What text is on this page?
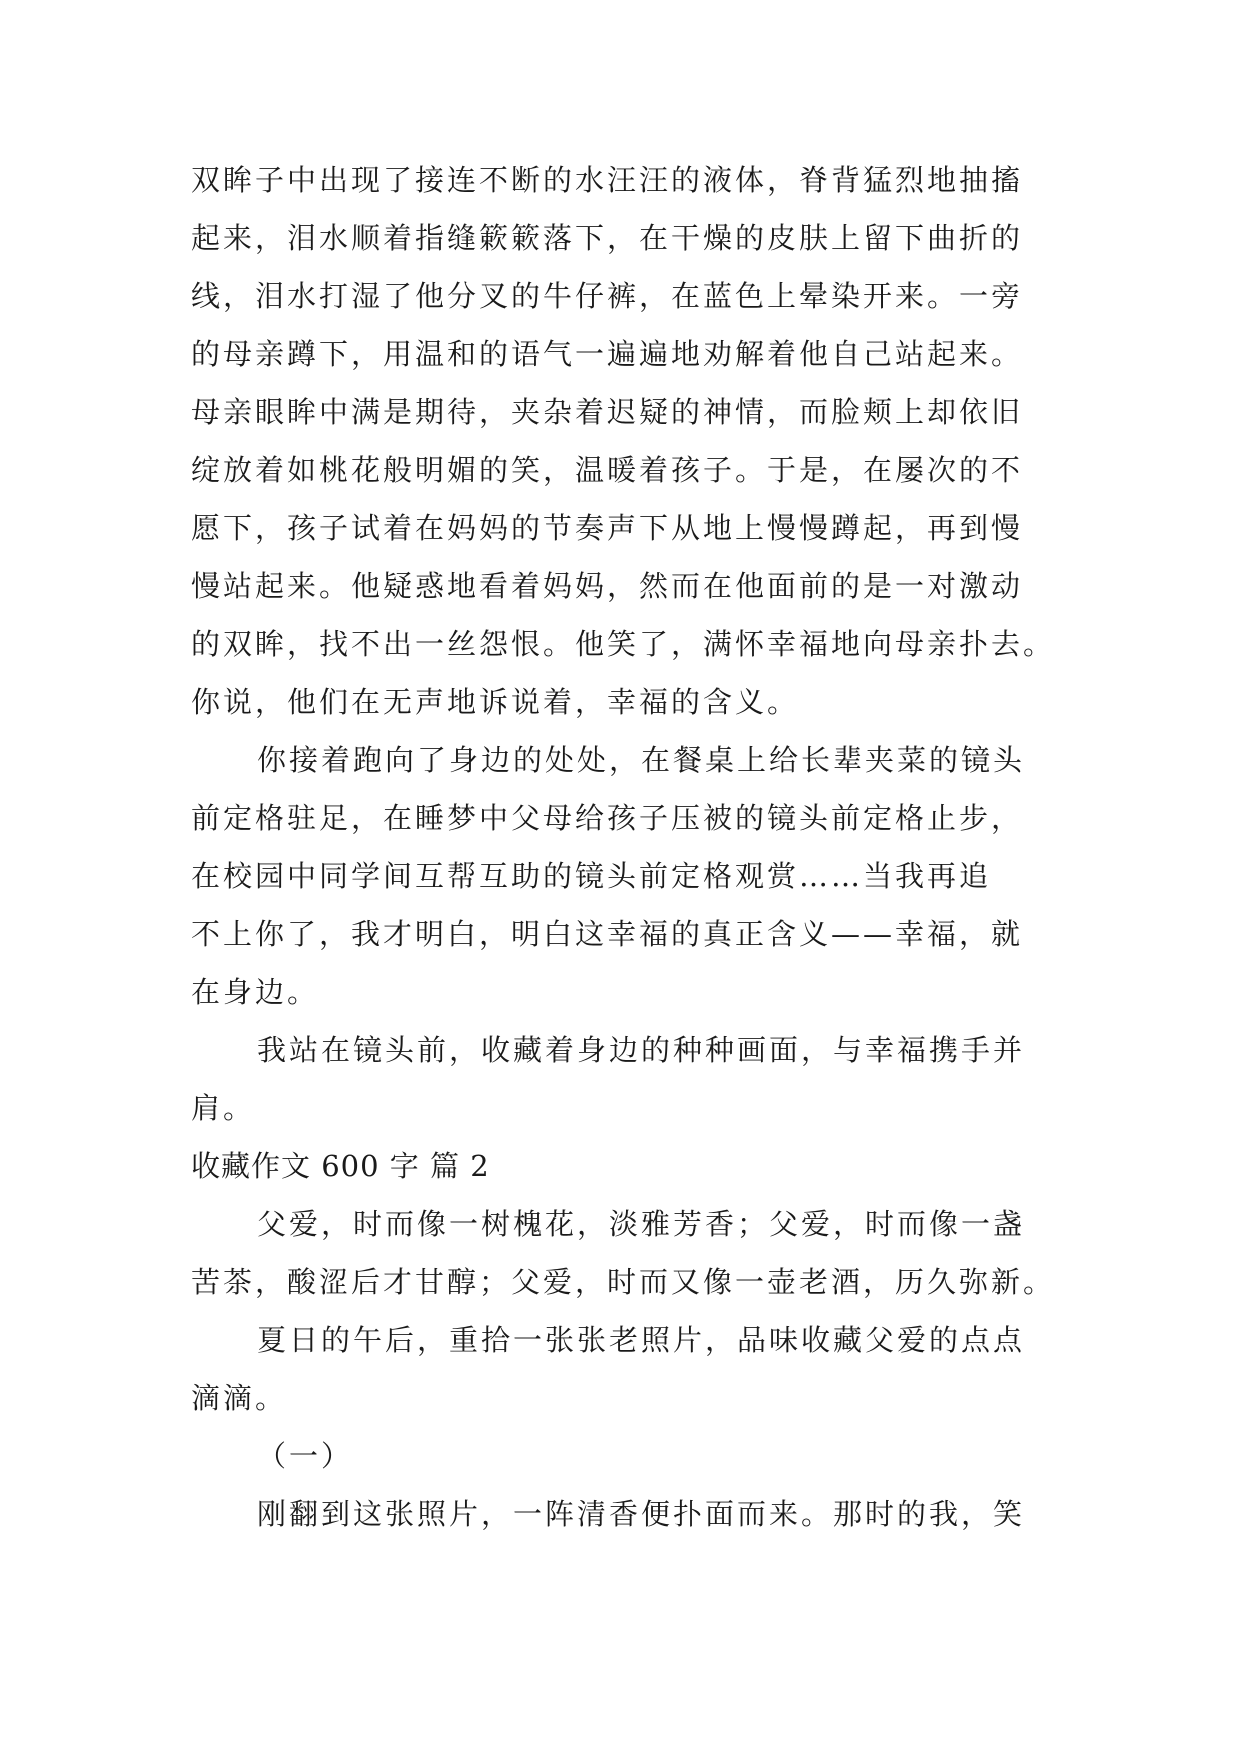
双眸子中出现了接连不断的水汪汪的液体，脊背猛烈地抽搐
起来，泪水顺着指缝簌簌落下，在干燥的皮肤上留下曲折的
线，泪水打湿了他分叉的牛仔裤，在蓝色上晕染开来。一旁
的母亲蹲下，用温和的语气一遍遍地劝解着他自己站起来。
母亲眼眸中满是期待，夹杂着迟疑的神情，而脸颊上却依旧
绽放着如桃花般明媚的笑，温暖着孩子。于是，在屡次的不
愿下，孩子试着在妈妈的节奏声下从地上慢慢蹲起，再到慢
慢站起来。他疑惑地看着妈妈，然而在他面前的是一对激动
的双眸，找不出一丝怨恨。他笑了，满怀幸福地向母亲扑去。
你说，他们在无声地诉说着，幸福的含义。
你接着跑向了身边的处处，在餐桌上给长辈夹菜的镜头
前定格驻足，在睡梦中父母给孩子压被的镜头前定格止步，
在校园中同学间互帮互助的镜头前定格观赏……当我再追
不上你了，我才明白，明白这幸福的真正含义——幸福，就
在身边。
我站在镜头前，收藏着身边的种种画面，与幸福携手并
肩。
收藏作文 600 字 篇 2
父爱，时而像一树槐花，淡雅芳香；父爱，时而像一盏
苦茶，酸涩后才甘醇；父爱，时而又像一壶老酒，历久弥新。
夏日的午后，重拾一张张老照片，品味收藏父爱的点点
滴滴。
（一）
刚翻到这张照片，一阵清香便扑面而来。那时的我，笑
